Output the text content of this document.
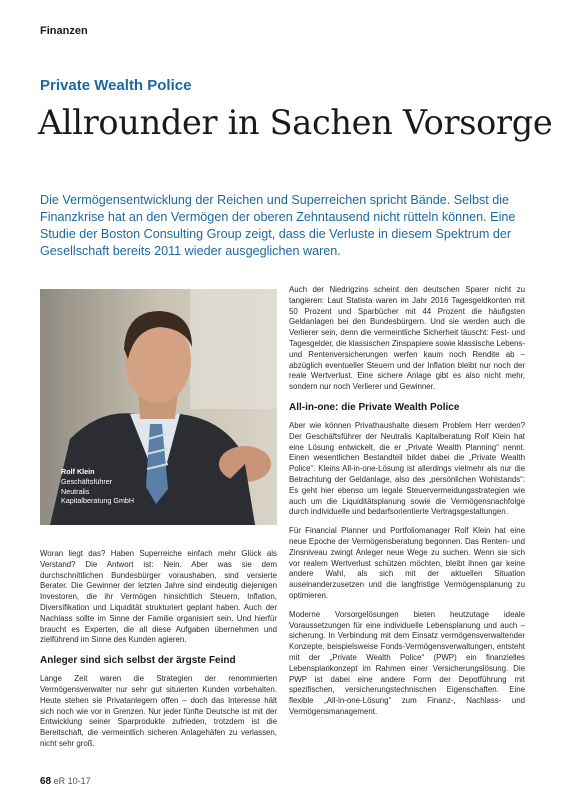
Finanzen
Private Wealth Police
Allrounder in Sachen Vorsorge
Die Vermögensentwicklung der Reichen und Superreichen spricht Bände. Selbst die Finanzkrise hat an den Vermögen der oberen Zehntausend nicht rütteln können. Eine Studie der Boston Consulting Group zeigt, dass die Verluste in diesem Spektrum der Gesellschaft bereits 2011 wieder ausgeglichen waren.
Rolf Klein
Geschäftsführer
Neutralis
Kapitalberatung GmbH

Woran liegt das? Haben Superreiche einfach mehr Glück als Verstand? Die Antwort ist: Nein. Aber was sie dem durchschnittlichen Bundesbürger voraushaben, sind versierte Berater. Die Gewinner der letzten Jahre sind eindeutig diejenigen Investoren, die ihr Vermögen hinsichtlich Steuern, Inflation, Diversifikation und Liquidität strukturiert geplant haben. Auch der Nachlass sollte im Sinne der Familie organisiert sein. Und hierfür braucht es Experten, die all diese Aufgaben übernehmen und zielführend im Sinne des Kunden agieren.

Anleger sind sich selbst der ärgste Feind

Lange Zeit waren die Strategien der renommierten Vermögensverwalter nur sehr gut situierten Kunden vorbehalten. Heute stehen sie Privatanlegern offen – doch das Interesse hält sich noch wie vor in Grenzen. Nur jeder fünfte Deutsche ist mit der Entwicklung seiner Sparprodukte zufrieden, trotzdem ist die Bereitschaft, die vermeintlich sicheren Anlagehäfen zu verlassen, nicht sehr groß.

Auch der Niedrigzins scheint den deutschen Sparer nicht zu tangieren: Laut Statista waren im Jahr 2016 Tagesgeldkonten mit 50 Prozent und Sparbücher mit 44 Prozent die häufigsten Geldanlagen bei den Bundesbürgern. Und sie werden auch die Verlierer sein, denn die vermeintliche Sicherheit täuscht: Fest- und Tagesgelder, die klassischen Zinspapiere sowie klassische Lebens- und Rentenversicherungen werfen kaum noch Rendite ab – abzüglich eventueller Steuern und der Inflation bleibt nur noch der reale Wertverlust. Eine sichere Anlage gibt es also nicht mehr, sondern nur noch Verlierer und Gewinner.

All-in-one: die Private Wealth Police

Aber wie können Privathaushalte diesem Problem Herr werden? Der Geschäftsführer der Neutralis Kapitalberatung Rolf Klein hat eine Lösung entwickelt, die er „Private Wealth Planning“ nennt. Einen wesentlichen Bestandteil bildet dabei die „Private Wealth Police“. Kleins All-in-one-Lösung ist allerdings vielmehr als nur die Betrachtung der Geldanlage, also des „persönlichen Wohlstands“: Es geht hier ebenso um legale Steuervermeidungsstrategien wie auch um die Liquiditätsplanung sowie die Vermögensnachfolge durch individuelle und bedarfsorientierte Vertragsgestaltungen.

Für Financial Planner und Portfoliomanager Rolf Klein hat eine neue Epoche der Vermögensberatung begonnen. Das Renten- und Zinsniveau zwingt Anleger neue Wege zu suchen. Wenn sie sich vor realem Wertverlust schützen möchten, bleibt ihnen gar keine andere Wahl, als sich mit der aktuellen Situation auseinanderzusetzen und die langfristige Vermögensplanung zu optimieren.

Moderne Vorsorgelösungen bieten heutzutage ideale Voraussetzungen für eine individuelle Lebensplanung und auch –sicherung. In Verbindung mit dem Einsatz vermögensverwaltender Konzepte, beispielsweise Fonds-Vermögensverwaltungen, entsteht mit der „Private Wealth Police“ (PWP) ein finanzielles Lebensplankonzept im Rahmen einer Versicherungslösung. Die PWP ist dabei eine andere Form der Depotführung mit spezifischen, versicherungstechnischen Eigenschaften. Eine flexible „All-in-one-Lösung“ zum Finanz-, Nachlass- und Vermögensmanagement.

68 eR 10-17
